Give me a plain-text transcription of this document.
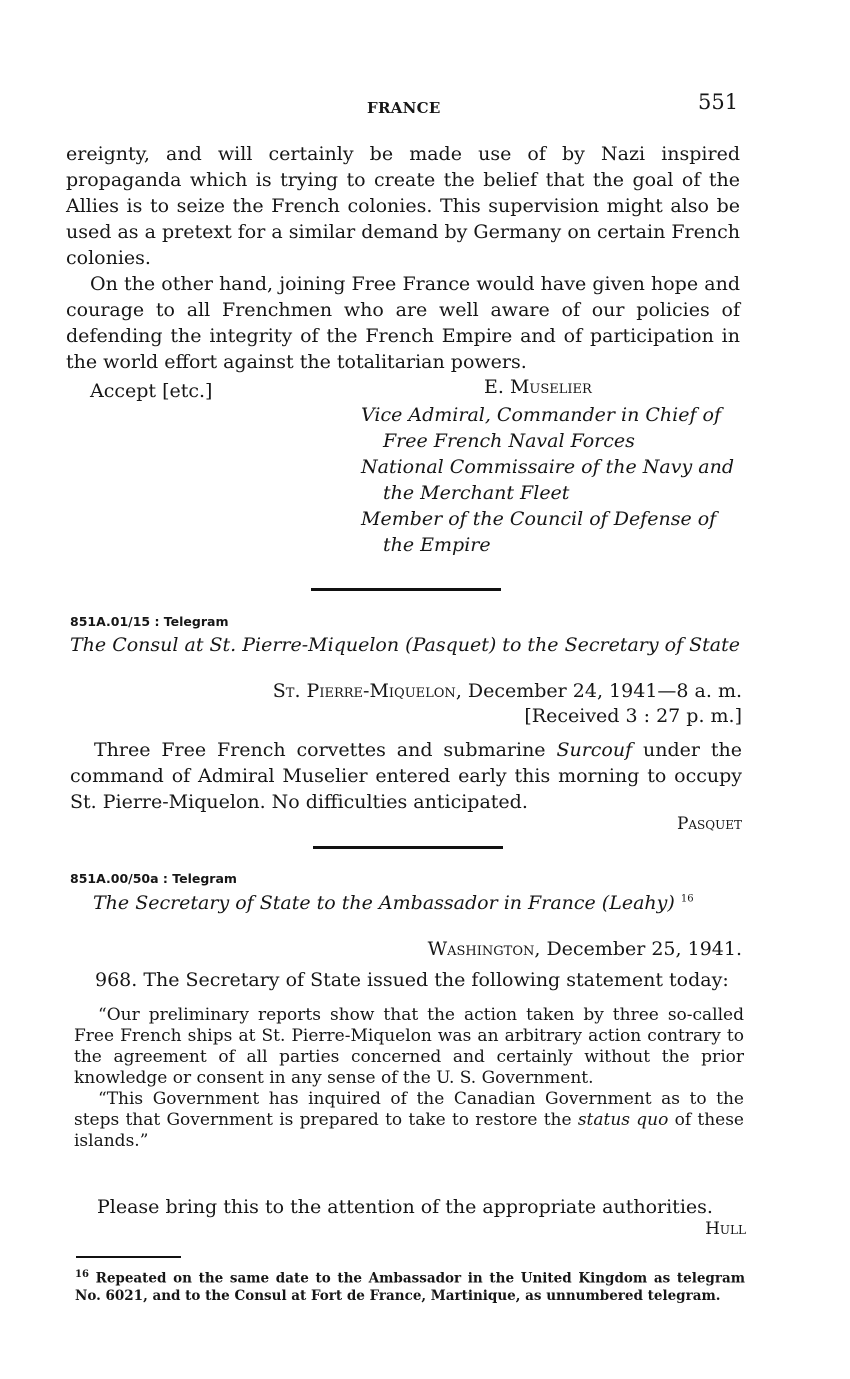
FRANCE	551

ereignty, and will certainly be made use of by Nazi inspired propaganda which is trying to create the belief that the goal of the Allies is to seize the French colonies. This supervision might also be used as a pretext for a similar demand by Germany on certain French colonies.

On the other hand, joining Free France would have given hope and courage to all Frenchmen who are well aware of our policies of defending the integrity of the French Empire and of participation in the world effort against the totalitarian powers.

Accept [etc.]	E. Muselier
Vice Admiral, Commander in Chief of
Free French Naval Forces
National Commissaire of the Navy and
the Merchant Fleet
Member of the Council of Defense of
the Empire
851A.01/15 : Telegram
The Consul at St. Pierre-Miquelon (Pasquet) to the Secretary of State
St. Pierre-Miquelon, December 24, 1941—8 a. m.
[Received 3 : 27 p. m.]

Three Free French corvettes and submarine Surcouf under the command of Admiral Muselier entered early this morning to occupy St. Pierre-Miquelon. No difficulties anticipated.

Pasquet
851A.00/50a : Telegram
The Secretary of State to the Ambassador in France (Leahy) $^{16}$
Washington, December 25, 1941.
968. The Secretary of State issued the following statement today:

“Our preliminary reports show that the action taken by three so-called Free French ships at St. Pierre-Miquelon was an arbitrary action contrary to the agreement of all parties concerned and certainly without the prior knowledge or consent in any sense of the U. S. Government.

“This Government has inquired of the Canadian Government as to the steps that Government is prepared to take to restore the status quo of these islands.”

Please bring this to the attention of the appropriate authorities.
Hull
$^{16}$ Repeated on the same date to the Ambassador in the United Kingdom as telegram No. 6021, and to the Consul at Fort de France, Martinique, as unnumbered telegram.
